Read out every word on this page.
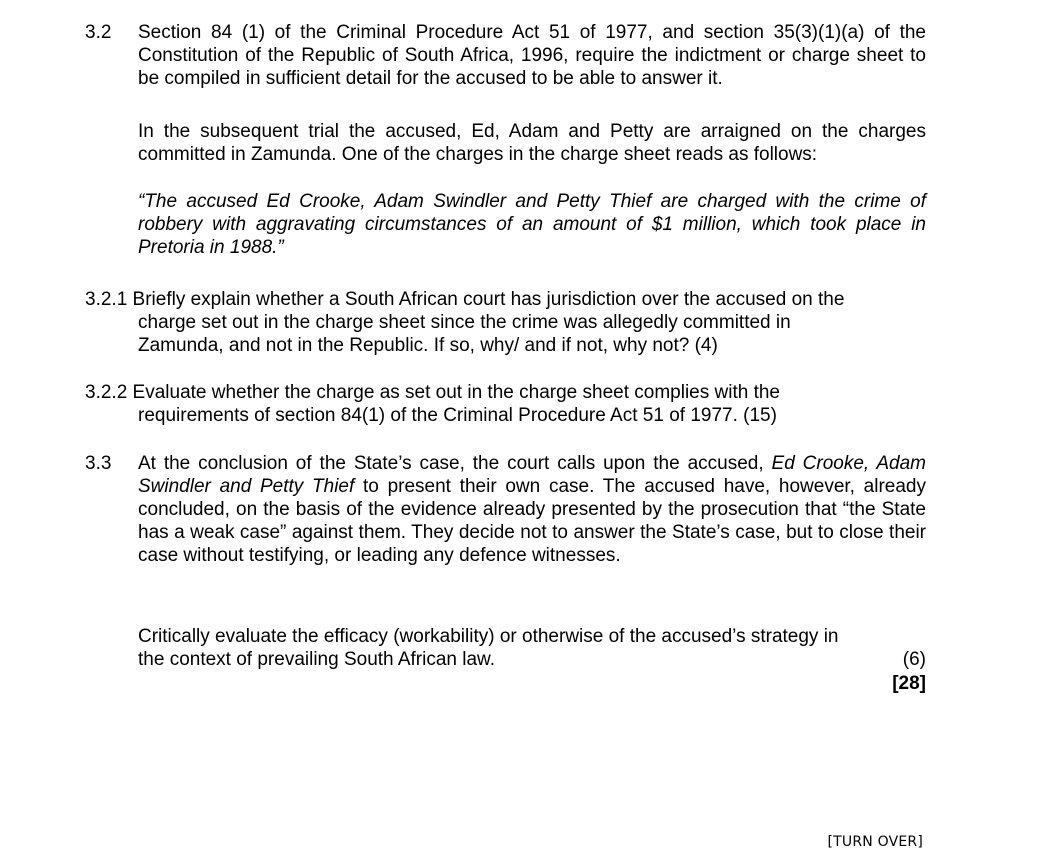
3.2 Section 84 (1) of the Criminal Procedure Act 51 of 1977, and section 35(3)(1)(a) of the Constitution of the Republic of South Africa, 1996, require the indictment or charge sheet to be compiled in sufficient detail for the accused to be able to answer it.
In the subsequent trial the accused, Ed, Adam and Petty are arraigned on the charges committed in Zamunda. One of the charges in the charge sheet reads as follows:
“The accused Ed Crooke, Adam Swindler and Petty Thief are charged with the crime of robbery with aggravating circumstances of an amount of $1 million, which took place in Pretoria in 1988.”
3.2.1 Briefly explain whether a South African court has jurisdiction over the accused on the
charge set out in the charge sheet since the crime was allegedly committed in
Zamunda, and not in the Republic. If so, why/ and if not, why not? (4)
3.2.2 Evaluate whether the charge as set out in the charge sheet complies with the
requirements of section 84(1) of the Criminal Procedure Act 51 of 1977. (15)
3.3 At the conclusion of the State’s case, the court calls upon the accused, Ed Crooke, Adam Swindler and Petty Thief to present their own case. The accused have, however, already concluded, on the basis of the evidence already presented by the prosecution that “the State has a weak case” against them. They decide not to answer the State’s case, but to close their case without testifying, or leading any defence witnesses.
Critically evaluate the efficacy (workability) or otherwise of the accused’s strategy in
the context of prevailing South African law.	(6)
[28]
[TURN OVER]
